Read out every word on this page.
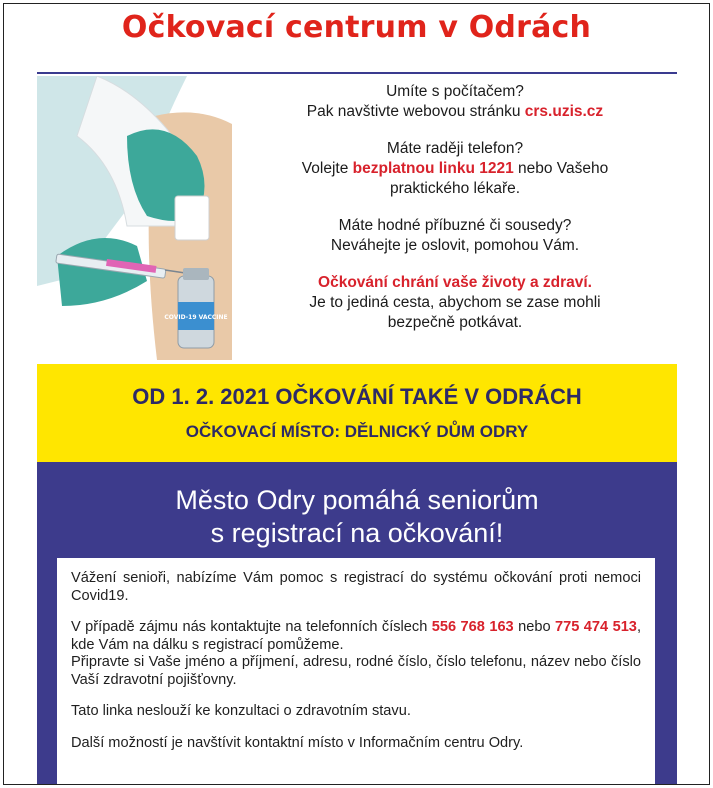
Očkovací centrum v Odrách
COVID-19 VACCINE

Umíte s počítačem?
Pak navštivte webovou stránku crs.uzis.cz

Máte raději telefon?
Volejte bezplatnou linku 1221 nebo Vašeho
praktického lékaře.

Máte hodné příbuzné či sousedy?
Neváhejte je oslovit, pomohou Vám.

Očkování chrání vaše životy a zdraví.
Je to jediná cesta, abychom se zase mohli
bezpečně potkávat.

OD 1. 2. 2021 OČKOVÁNÍ TAKÉ V ODRÁCH
OČKOVACÍ MÍSTO: DĚLNICKÝ DŮM ODRY
Město Odry pomáhá seniorům
s registrací na očkování!

Vážení senioři, nabízíme Vám pomoc s registrací do systému očkování proti nemoci Covid19.

V případě zájmu nás kontaktujte na telefonních číslech 556 768 163 nebo 775 474 513, kde Vám na dálku s registrací pomůžeme.

Připravte si Vaše jméno a příjmení, adresu, rodné číslo, číslo telefonu, název nebo číslo Vaší zdravotní pojišťovny.

Tato linka neslouží ke konzultaci o zdravotním stavu.

Další možností je navštívit kontaktní místo v Informačním centru Odry.
